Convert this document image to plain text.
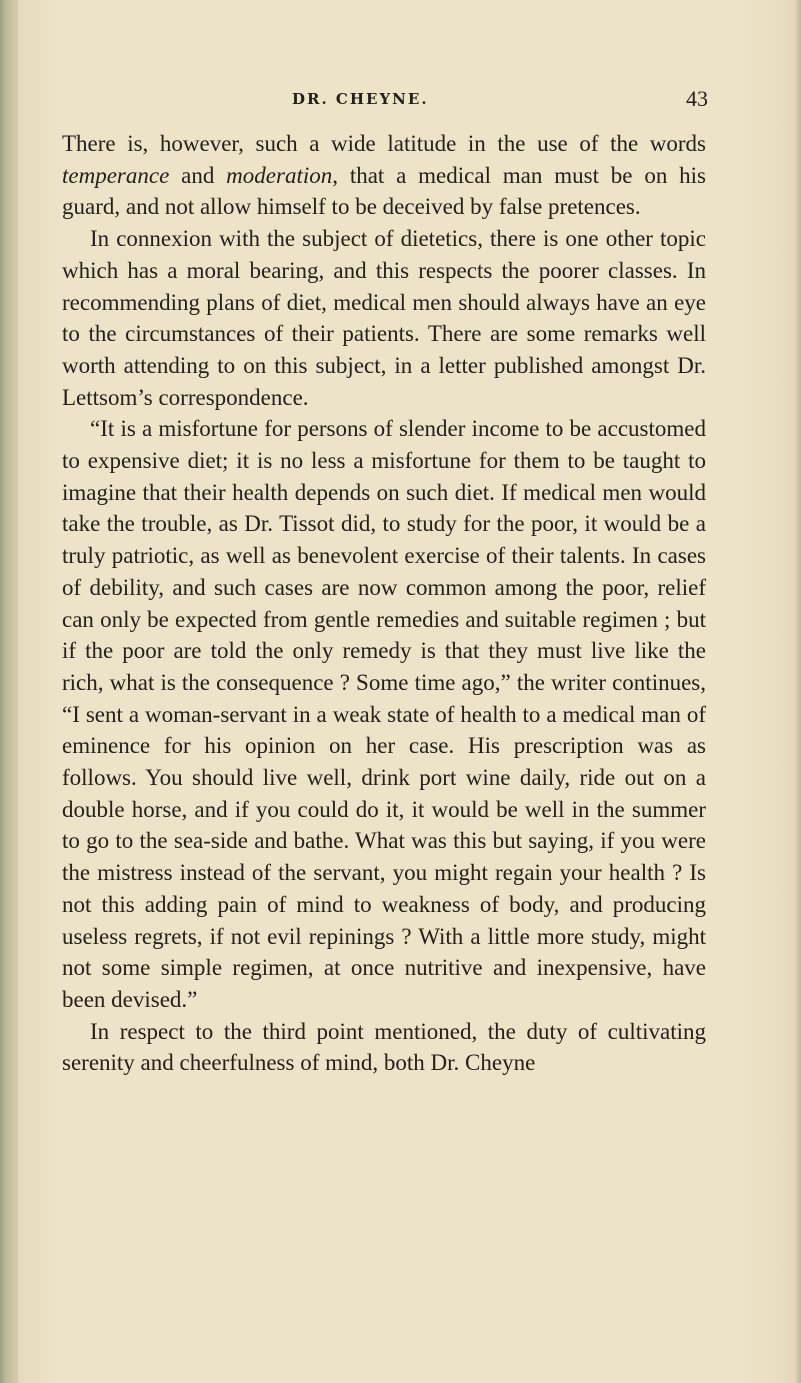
DR. CHEYNE.	43

There is, however, such a wide latitude in the use of the words temperance and moderation, that a medical man must be on his guard, and not allow himself to be deceived by false pretences.

In connexion with the subject of dietetics, there is one other topic which has a moral bearing, and this respects the poorer classes. In recommending plans of diet, medical men should always have an eye to the circumstances of their patients. There are some remarks well worth attending to on this subject, in a letter published amongst Dr. Lettsom’s correspondence.

“It is a misfortune for persons of slender income to be accustomed to expensive diet; it is no less a misfortune for them to be taught to imagine that their health depends on such diet. If medical men would take the trouble, as Dr. Tissot did, to study for the poor, it would be a truly patriotic, as well as benevolent exercise of their talents. In cases of debility, and such cases are now common among the poor, relief can only be expected from gentle remedies and suitable regimen ; but if the poor are told the only remedy is that they must live like the rich, what is the consequence ? Some time ago,” the writer continues, “I sent a woman-servant in a weak state of health to a medical man of eminence for his opinion on her case. His prescription was as follows. You should live well, drink port wine daily, ride out on a double horse, and if you could do it, it would be well in the summer to go to the sea-side and bathe. What was this but saying, if you were the mistress instead of the servant, you might regain your health ? Is not this adding pain of mind to weakness of body, and producing useless regrets, if not evil repinings ? With a little more study, might not some simple regimen, at once nutritive and inexpensive, have been devised.”

In respect to the third point mentioned, the duty of cultivating serenity and cheerfulness of mind, both Dr. Cheyne
